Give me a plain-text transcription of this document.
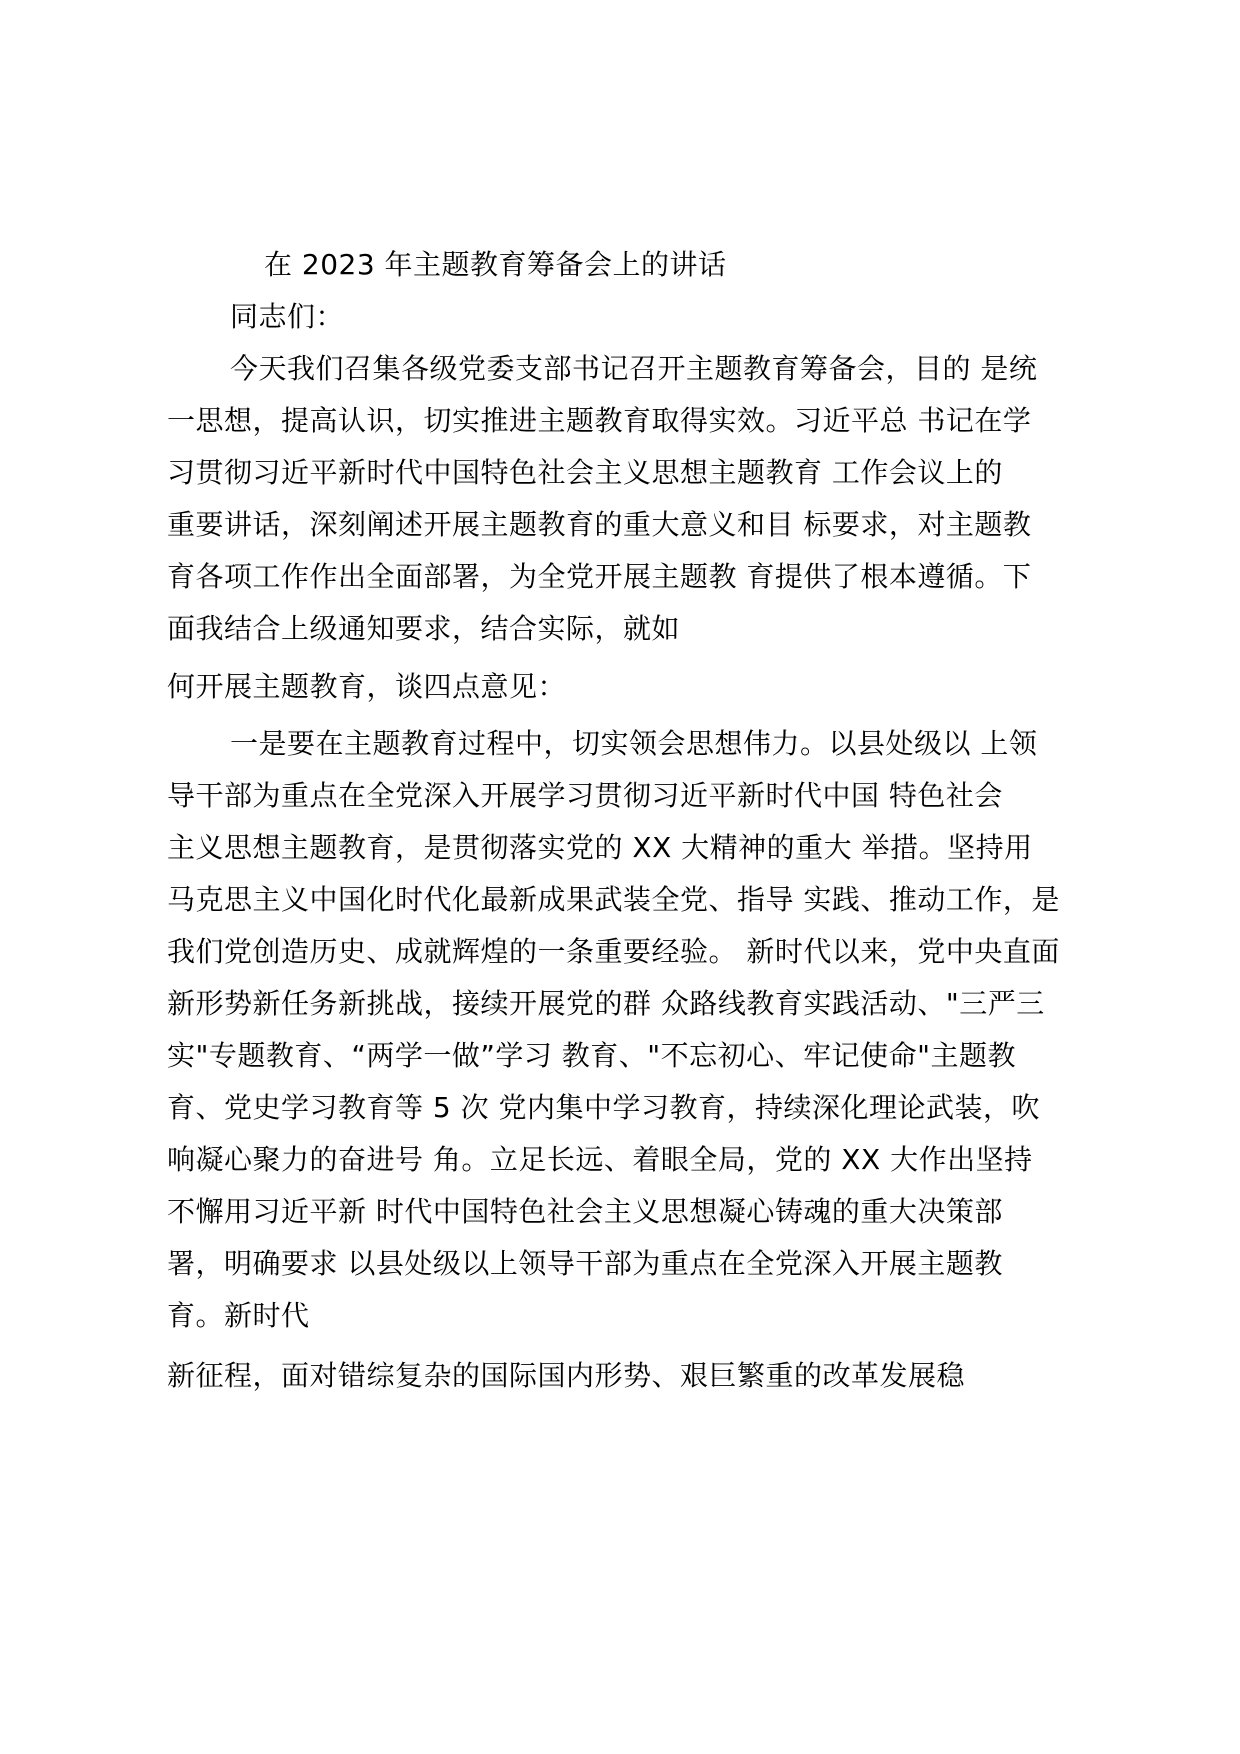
在 2023 年主题教育筹备会上的讲话
同志们：
今天我们召集各级党委支部书记召开主题教育筹备会，目的 是统
一思想，提高认识，切实推进主题教育取得实效。习近平总 书记在学
习贯彻习近平新时代中国特色社会主义思想主题教育 工作会议上的
重要讲话，深刻阐述开展主题教育的重大意义和目 标要求，对主题教
育各项工作作出全面部署，为全党开展主题教 育提供了根本遵循。下
面我结合上级通知要求，结合实际，就如
何开展主题教育，谈四点意见：
一是要在主题教育过程中，切实领会思想伟力。以县处级以 上领
导干部为重点在全党深入开展学习贯彻习近平新时代中国 特色社会
主义思想主题教育，是贯彻落实党的 XX 大精神的重大 举措。坚持用
马克思主义中国化时代化最新成果武装全党、指导 实践、推动工作，是
我们党创造历史、成就辉煌的一条重要经验。 新时代以来，党中央直面
新形势新任务新挑战，接续开展党的群 众路线教育实践活动、"三严三
实"专题教育、“两学一做”学习 教育、"不忘初心、牢记使命"主题教
育、党史学习教育等 5 次 党内集中学习教育，持续深化理论武装，吹
响凝心聚力的奋进号 角。立足长远、着眼全局，党的 XX 大作出坚持
不懈用习近平新 时代中国特色社会主义思想凝心铸魂的重大决策部
署，明确要求 以县处级以上领导干部为重点在全党深入开展主题教
育。新时代
新征程，面对错综复杂的国际国内形势、艰巨繁重的改革发展稳
